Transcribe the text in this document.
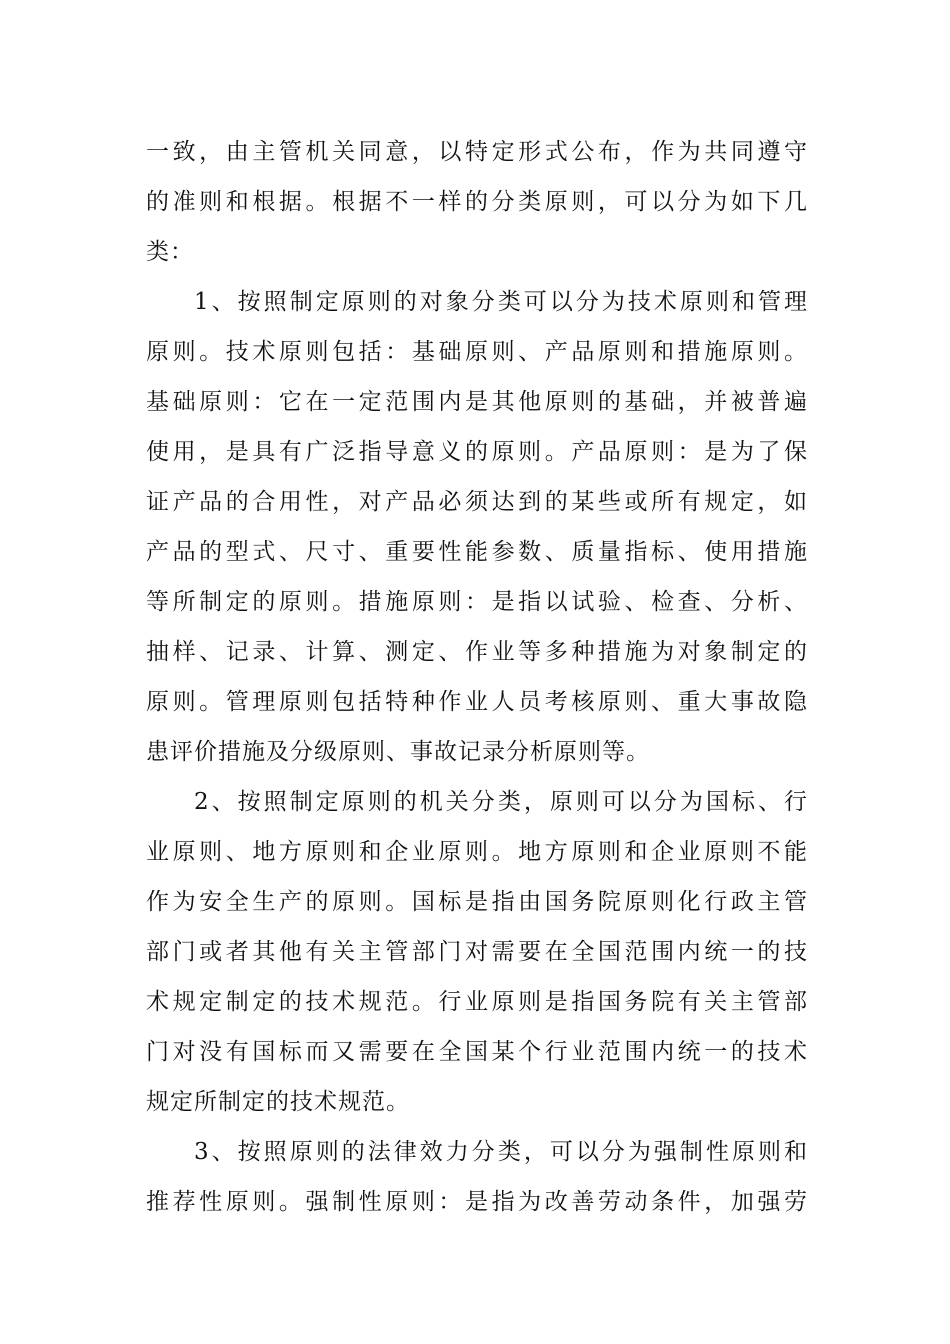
一致，由主管机关同意，以特定形式公布，作为共同遵守
的准则和根据。根据不一样的分类原则，可以分为如下几
类：
1、按照制定原则的对象分类可以分为技术原则和管理
原则。技术原则包括：基础原则、产品原则和措施原则。
基础原则：它在一定范围内是其他原则的基础，并被普遍
使用，是具有广泛指导意义的原则。产品原则：是为了保
证产品的合用性，对产品必须达到的某些或所有规定，如
产品的型式、尺寸、重要性能参数、质量指标、使用措施
等所制定的原则。措施原则：是指以试验、检查、分析、
抽样、记录、计算、测定、作业等多种措施为对象制定的
原则。管理原则包括特种作业人员考核原则、重大事故隐
患评价措施及分级原则、事故记录分析原则等。
2、按照制定原则的机关分类，原则可以分为国标、行
业原则、地方原则和企业原则。地方原则和企业原则不能
作为安全生产的原则。国标是指由国务院原则化行政主管
部门或者其他有关主管部门对需要在全国范围内统一的技
术规定制定的技术规范。行业原则是指国务院有关主管部
门对没有国标而又需要在全国某个行业范围内统一的技术
规定所制定的技术规范。
3、按照原则的法律效力分类，可以分为强制性原则和
推荐性原则。强制性原则：是指为改善劳动条件，加强劳
